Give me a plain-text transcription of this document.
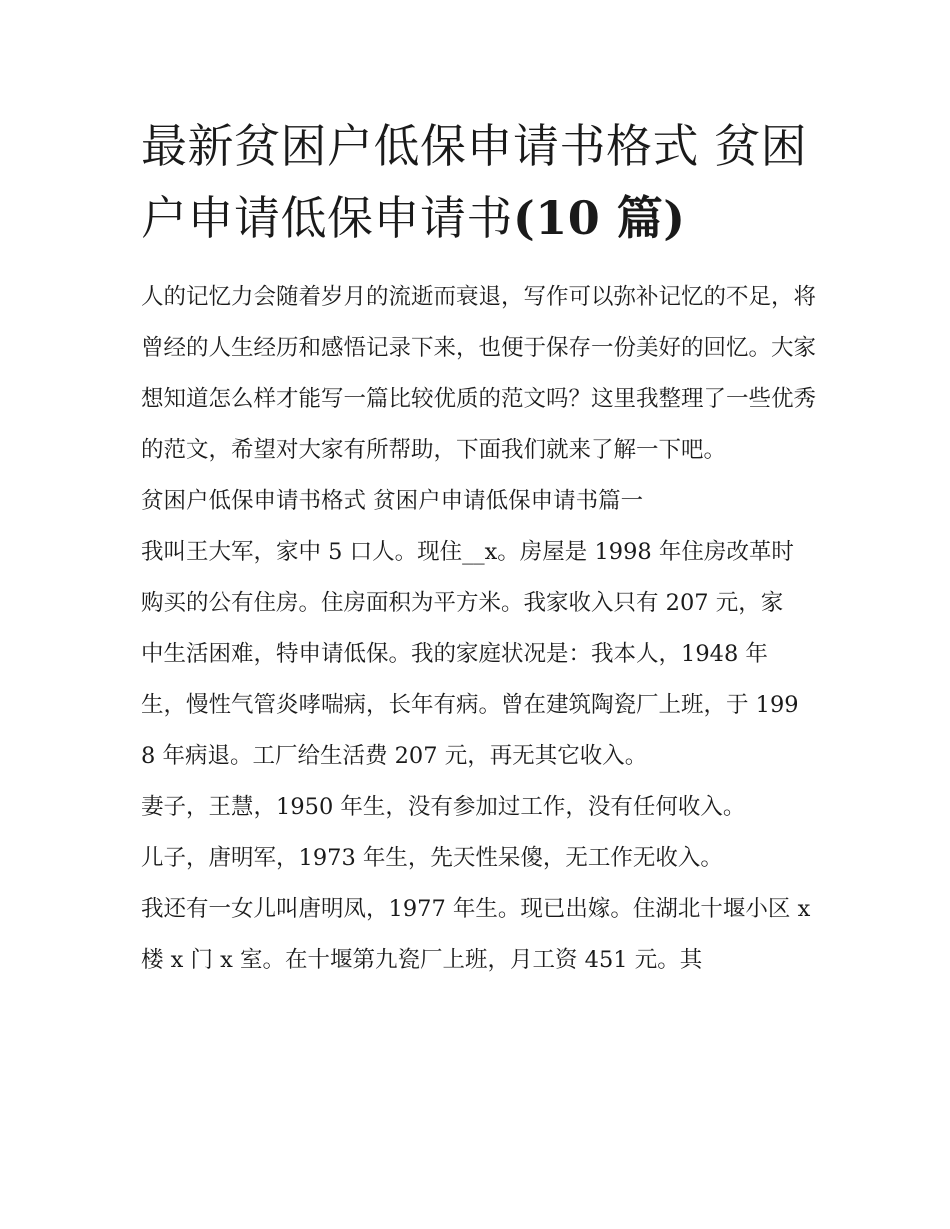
最新贫困户低保申请书格式 贫困户申请低保申请书(10 篇)

人的记忆力会随着岁月的流逝而衰退，写作可以弥补记忆的不足，将曾经的人生经历和感悟记录下来，也便于保存一份美好的回忆。大家想知道怎么样才能写一篇比较优质的范文吗？这里我整理了一些优秀的范文，希望对大家有所帮助，下面我们就来了解一下吧。

贫困户低保申请书格式 贫困户申请低保申请书篇一

我叫王大军，家中 5 口人。现住__x。房屋是 1998 年住房改革时购买的公有住房。住房面积为平方米。我家收入只有 207 元，家中生活困难，特申请低保。我的家庭状况是：我本人，1948 年生，慢性气管炎哮喘病，长年有病。曾在建筑陶瓷厂上班，于 1998 年病退。工厂给生活费 207 元，再无其它收入。

妻子，王慧，1950 年生，没有参加过工作，没有任何收入。

儿子，唐明军，1973 年生，先天性呆傻，无工作无收入。

我还有一女儿叫唐明凤，1977 年生。现已出嫁。住湖北十堰小区 x 楼 x 门 x 室。在十堰第九瓷厂上班，月工资 451 元。其
